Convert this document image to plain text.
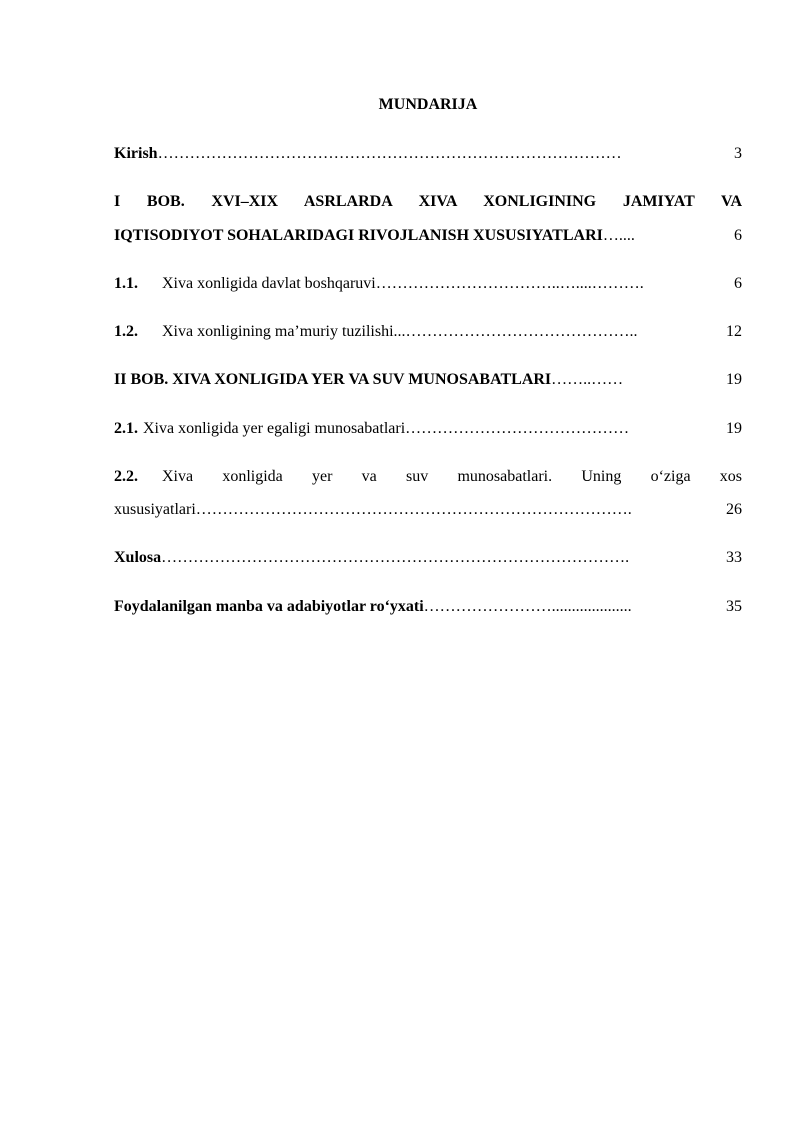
MUNDARIJA
Kirish ……………………………………………………………………………	3
I BOB. XVI–XIX ASRLARDA XIVA XONLIGINING JAMIYAT VA
IQTISODIYOT SOHALARIDAGI RIVOJLANISH XUSUSIYATLARI …....	6
1.1.	Xiva xonligida davlat boshqaruvi ……………………………..…....……….	6
1.2.	Xiva xonligining ma’muriy tuzilishi ...……………………………………..	12
II BOB. XIVA XONLIGIDA YER VA SUV MUNOSABATLARI ……..……	19
2.1. Xiva xonligida yer egaligi munosabatlari ……………………………………	19
2.2.	Xiva xonligida yer va suv munosabatlari. Uning o‘ziga xos
xususiyatlari ……………………………………………………………………….	26
Xulosa …………………………………………………………………………….	33
Foydalanilgan manba va adabiyotlar ro‘yxati ……………………....................	35
